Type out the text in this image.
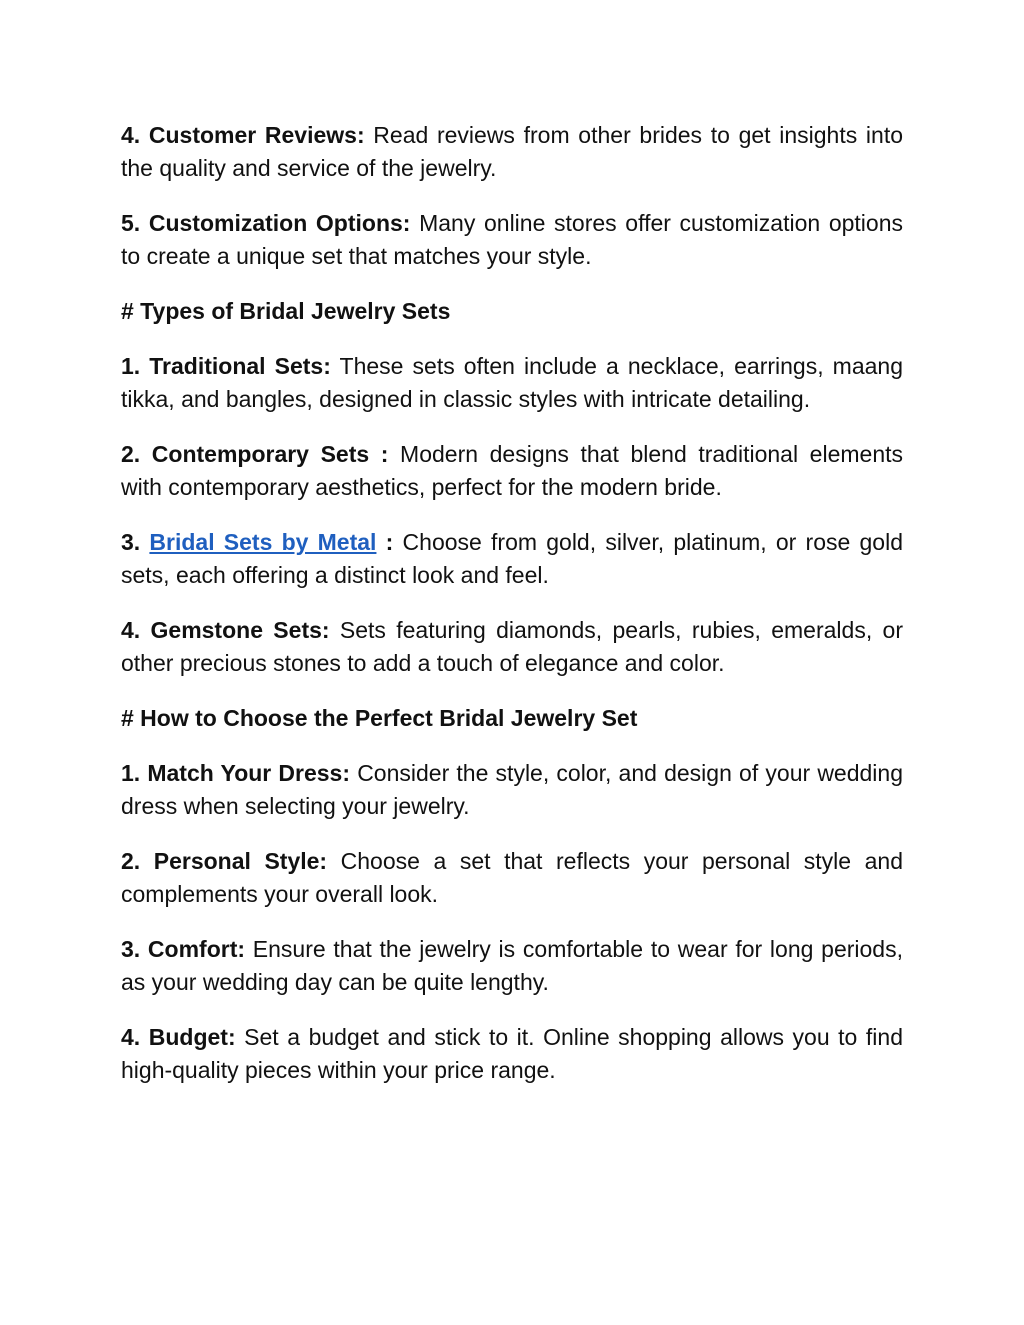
4. Customer Reviews: Read reviews from other brides to get insights into the quality and service of the jewelry.

5. Customization Options: Many online stores offer customization options to create a unique set that matches your style.

# Types of Bridal Jewelry Sets

1. Traditional Sets: These sets often include a necklace, earrings, maang tikka, and bangles, designed in classic styles with intricate detailing.

2. Contemporary Sets : Modern designs that blend traditional elements with contemporary aesthetics, perfect for the modern bride.

3. Bridal Sets by Metal : Choose from gold, silver, platinum, or rose gold sets, each offering a distinct look and feel.

4. Gemstone Sets: Sets featuring diamonds, pearls, rubies, emeralds, or other precious stones to add a touch of elegance and color.

# How to Choose the Perfect Bridal Jewelry Set

1. Match Your Dress: Consider the style, color, and design of your wedding dress when selecting your jewelry.

2. Personal Style: Choose a set that reflects your personal style and complements your overall look.

3. Comfort: Ensure that the jewelry is comfortable to wear for long periods, as your wedding day can be quite lengthy.

4. Budget: Set a budget and stick to it. Online shopping allows you to find high-quality pieces within your price range.
